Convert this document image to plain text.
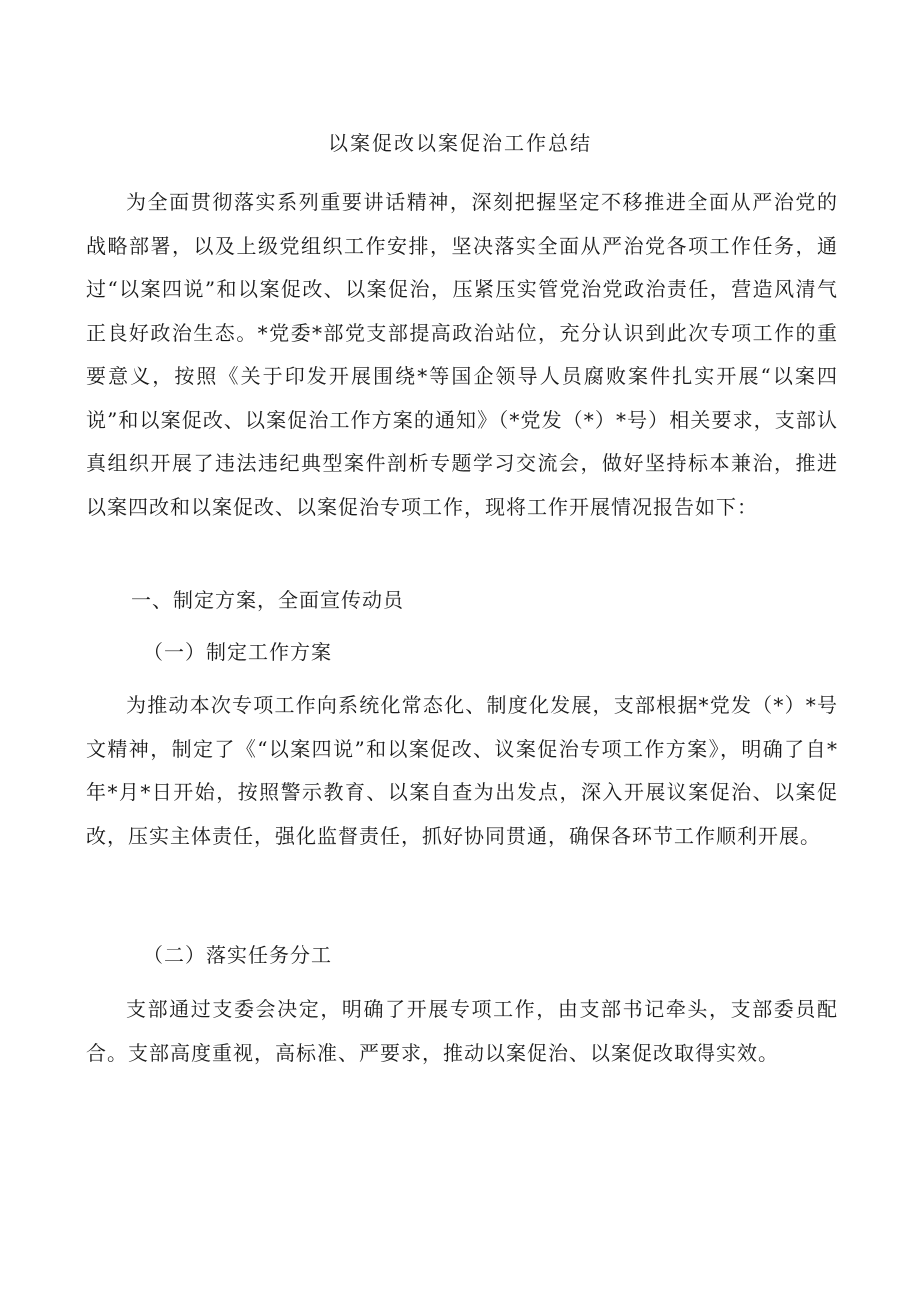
以案促改以案促治工作总结

为全面贯彻落实系列重要讲话精神，深刻把握坚定不移推进全面从严治党的战略部署，以及上级党组织工作安排，坚决落实全面从严治党各项工作任务，通过“以案四说”和以案促改、以案促治，压紧压实管党治党政治责任，营造风清气正良好政治生态。*党委*部党支部提高政治站位，充分认识到此次专项工作的重要意义，按照《关于印发开展围绕*等国企领导人员腐败案件扎实开展“以案四说”和以案促改、以案促治工作方案的通知》（*党发（*）*号）相关要求，支部认真组织开展了违法违纪典型案件剖析专题学习交流会，做好坚持标本兼治，推进以案四改和以案促改、以案促治专项工作，现将工作开展情况报告如下：

一、制定方案，全面宣传动员
（一）制定工作方案

为推动本次专项工作向系统化常态化、制度化发展，支部根据*党发（*）*号文精神，制定了《“以案四说”和以案促改、议案促治专项工作方案》，明确了自*年*月*日开始，按照警示教育、以案自查为出发点，深入开展议案促治、以案促改，压实主体责任，强化监督责任，抓好协同贯通，确保各环节工作顺利开展。

（二）落实任务分工

支部通过支委会决定，明确了开展专项工作，由支部书记牵头，支部委员配合。支部高度重视，高标准、严要求，推动以案促治、以案促改取得实效。
